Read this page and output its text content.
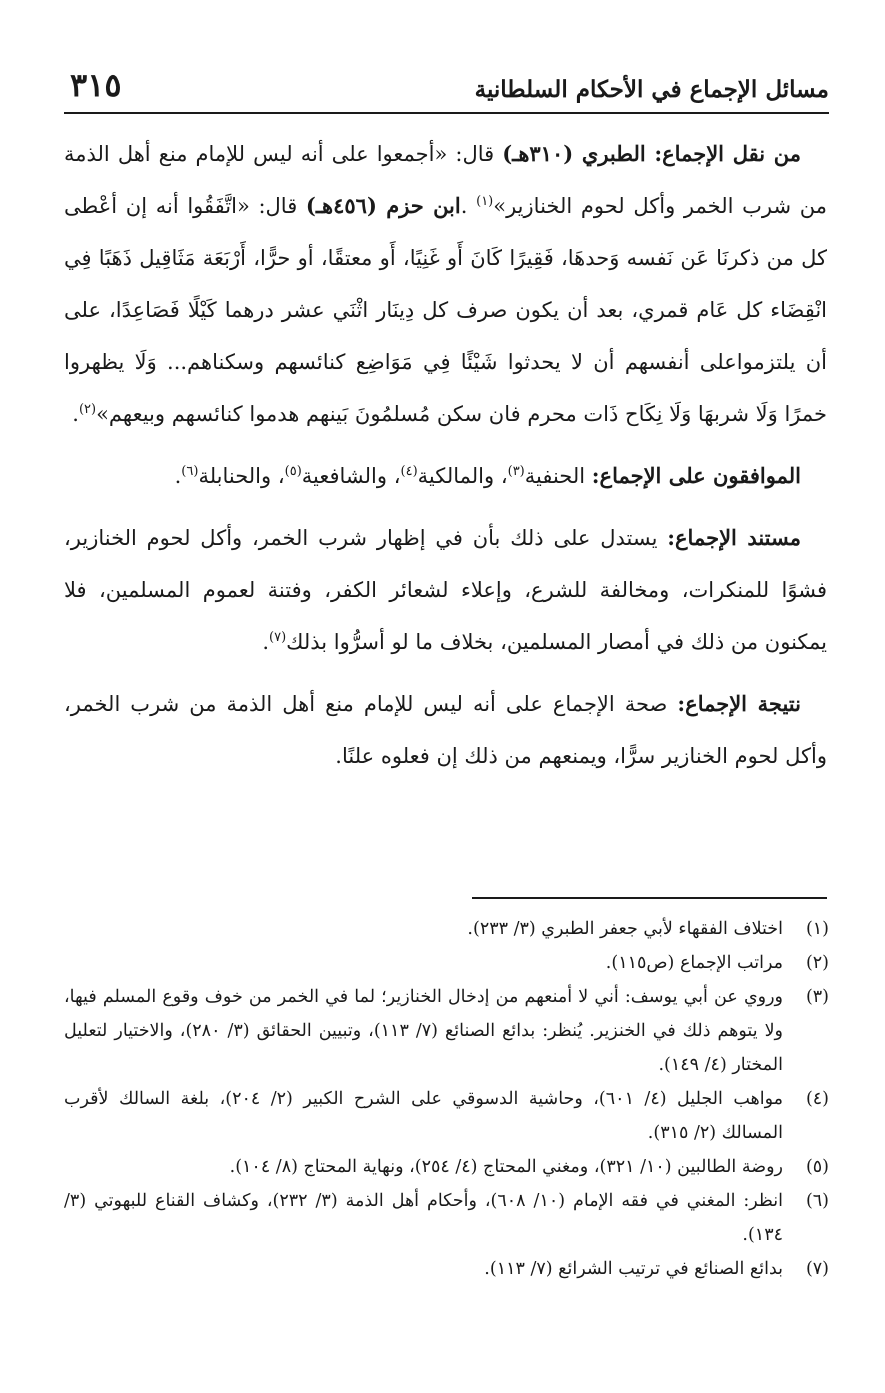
مسائل الإجماع في الأحكام السلطانية
٣١٥

من نقل الإجماع: الطبري (٣١٠هـ) قال: «أجمعوا على أنه ليس للإمام منع أهل الذمة من شرب الخمر وأكل لحوم الخنازير»$^{(١)}$ .ابن حزم (٤٥٦هـ) قال: «اتَّفَقُوا أنه إن أعْطى كل من ذكرنَا عَن نَفسه وَحدهَا، فَقِيرًا كَانَ أَو غَنِيًا، أَو معتقًا، أو حرًّا، أَرْبَعَة مَثَاقِيل ذَهَبًا فِي انْقِضَاء كل عَام قمري، بعد أن يكون صرف كل دِينَار اثْنَي عشر درهما كَيْلًا فَصَاعِدًا، على أن يلتزمواعلى أنفسهم أن لا يحدثوا شَيْئًا فِي مَوَاضِع كنائسهم وسكناهم... وَلَا يظهروا خمرًا وَلَا شربهَا وَلَا نِكَاح ذَات محرم فان سكن مُسلمُونَ بَينهم هدموا كنائسهم وبيعهم»$^{(٢)}$.

الموافقون على الإجماع: الحنفية$^{(٣)}$، والمالكية$^{(٤)}$، والشافعية$^{(٥)}$، والحنابلة$^{(٦)}$.

مستند الإجماع: يستدل على ذلك بأن في إظهار شرب الخمر، وأكل لحوم الخنازير، فشوًا للمنكرات، ومخالفة للشرع، وإعلاء لشعائر الكفر، وفتنة لعموم المسلمين، فلا يمكنون من ذلك في أمصار المسلمين، بخلاف ما لو أسرُّوا بذلك$^{(٧)}$.

نتيجة الإجماع: صحة الإجماع على أنه ليس للإمام منع أهل الذمة من شرب الخمر، وأكل لحوم الخنازير سرًّا، ويمنعهم من ذلك إن فعلوه علنًا.

(١)
اختلاف الفقهاء لأبي جعفر الطبري (٣/ ٢٣٣).
(٢)
مراتب الإجماع (ص١١٥).
(٣)
وروي عن أبي يوسف: أني لا أمنعهم من إدخال الخنازير؛ لما في الخمر من خوف وقوع المسلم فيها، ولا يتوهم ذلك في الخنزير. يُنظر: بدائع الصنائع (٧/ ١١٣)، وتبيين الحقائق (٣/ ٢٨٠)، والاختيار لتعليل المختار (٤/ ١٤٩).
(٤)
مواهب الجليل (٤/ ٦٠١)، وحاشية الدسوقي على الشرح الكبير (٢/ ٢٠٤)، بلغة السالك لأقرب المسالك (٢/ ٣١٥).
(٥)
روضة الطالبين (١٠/ ٣٢١)، ومغني المحتاج (٤/ ٢٥٤)، ونهاية المحتاج (٨/ ١٠٤).
(٦)
انظر: المغني في فقه الإمام (١٠/ ٦٠٨)، وأحكام أهل الذمة (٣/ ٢٣٢)، وكشاف القناع للبهوتي (٣/ ١٣٤).
(٧)
بدائع الصنائع في ترتيب الشرائع (٧/ ١١٣).
